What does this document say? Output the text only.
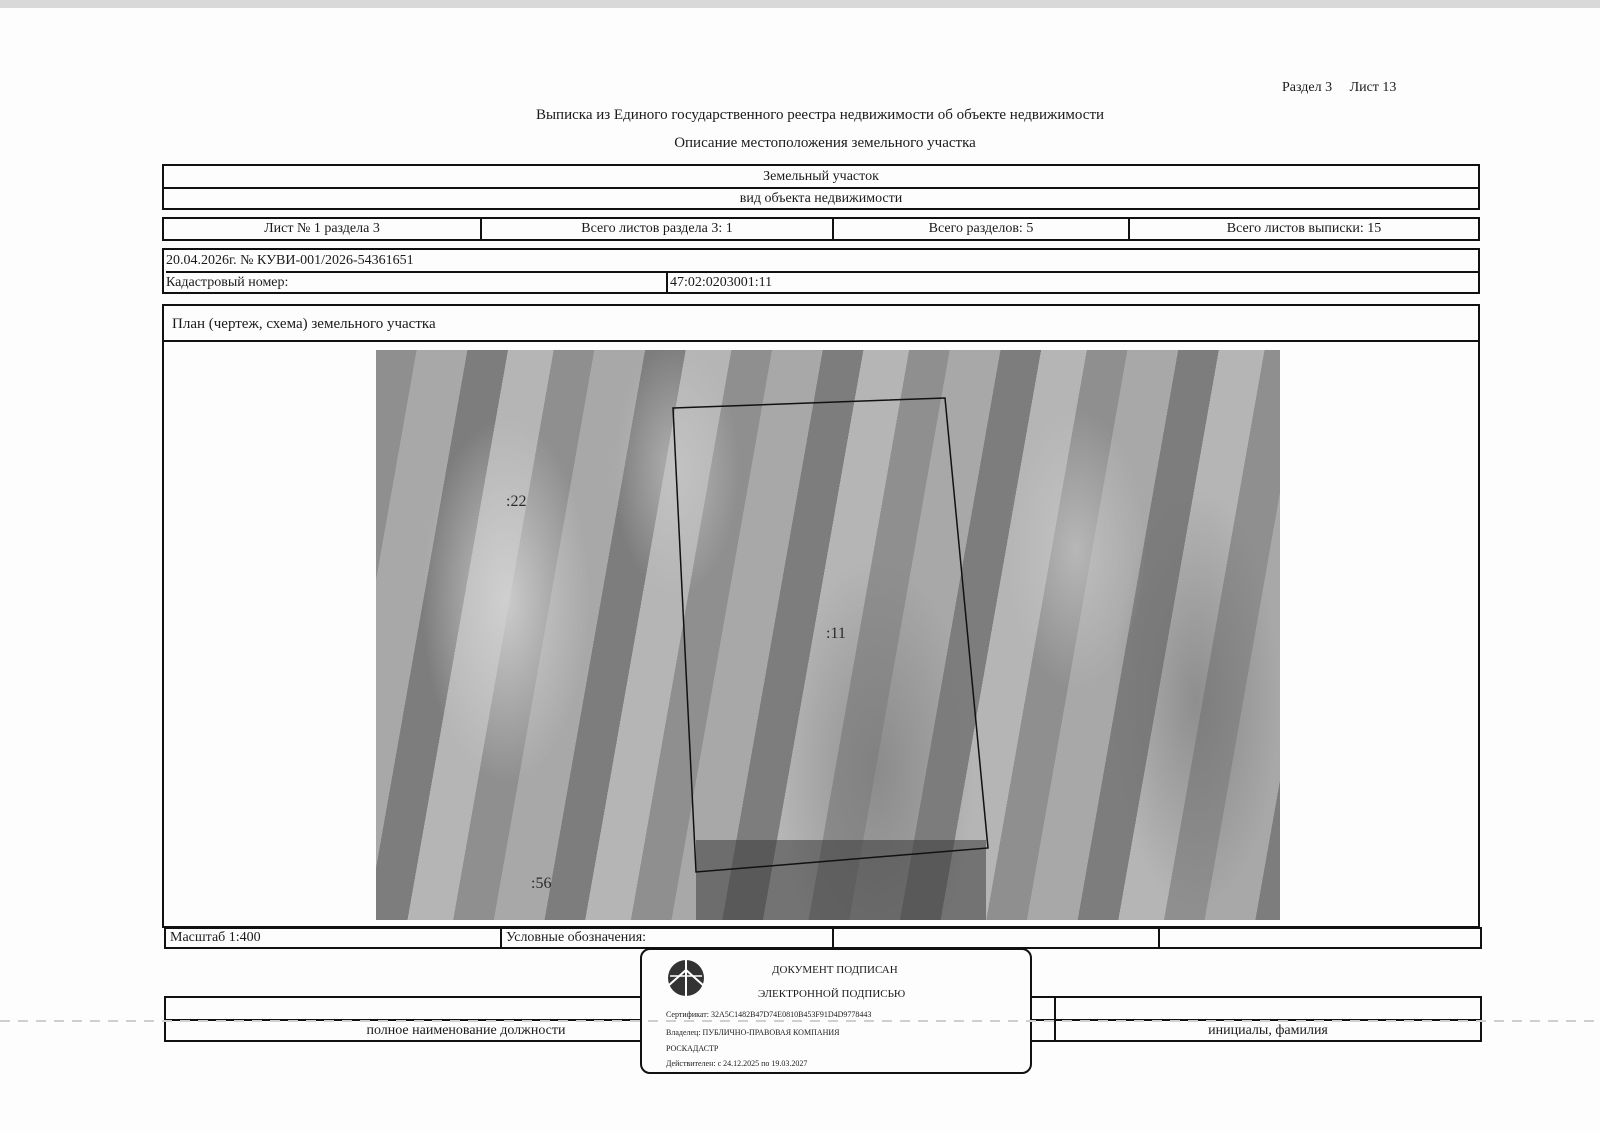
Раздел 3 Лист 13
Выписка из Единого государственного реестра недвижимости об объекте недвижимости
Описание местоположения земельного участка
Земельный участок
вид объекта недвижимости
Лист № 1 раздела 3	Всего листов раздела 3: 1	Всего разделов: 5	Всего листов выписки: 15
20.04.2026г. № КУВИ-001/2026-54361651
Кадастровый номер:	47:02:0203001:11
План (чертеж, схема) земельного участка
:11
:22
:56
Масштаб 1:400	Условные обозначения:
полное наименование должности	инициалы, фамилия
ДОКУМЕНТ ПОДПИСАН
ЭЛЕКТРОННОЙ ПОДПИСЬЮ
Сертификат: 32A5C1482B47D74E0810B453F91D4D9778443
Владелец: ПУБЛИЧНО-ПРАВОВАЯ КОМПАНИЯ
РОСКАДАСТР
Действителен: с 24.12.2025 по 19.03.2027
